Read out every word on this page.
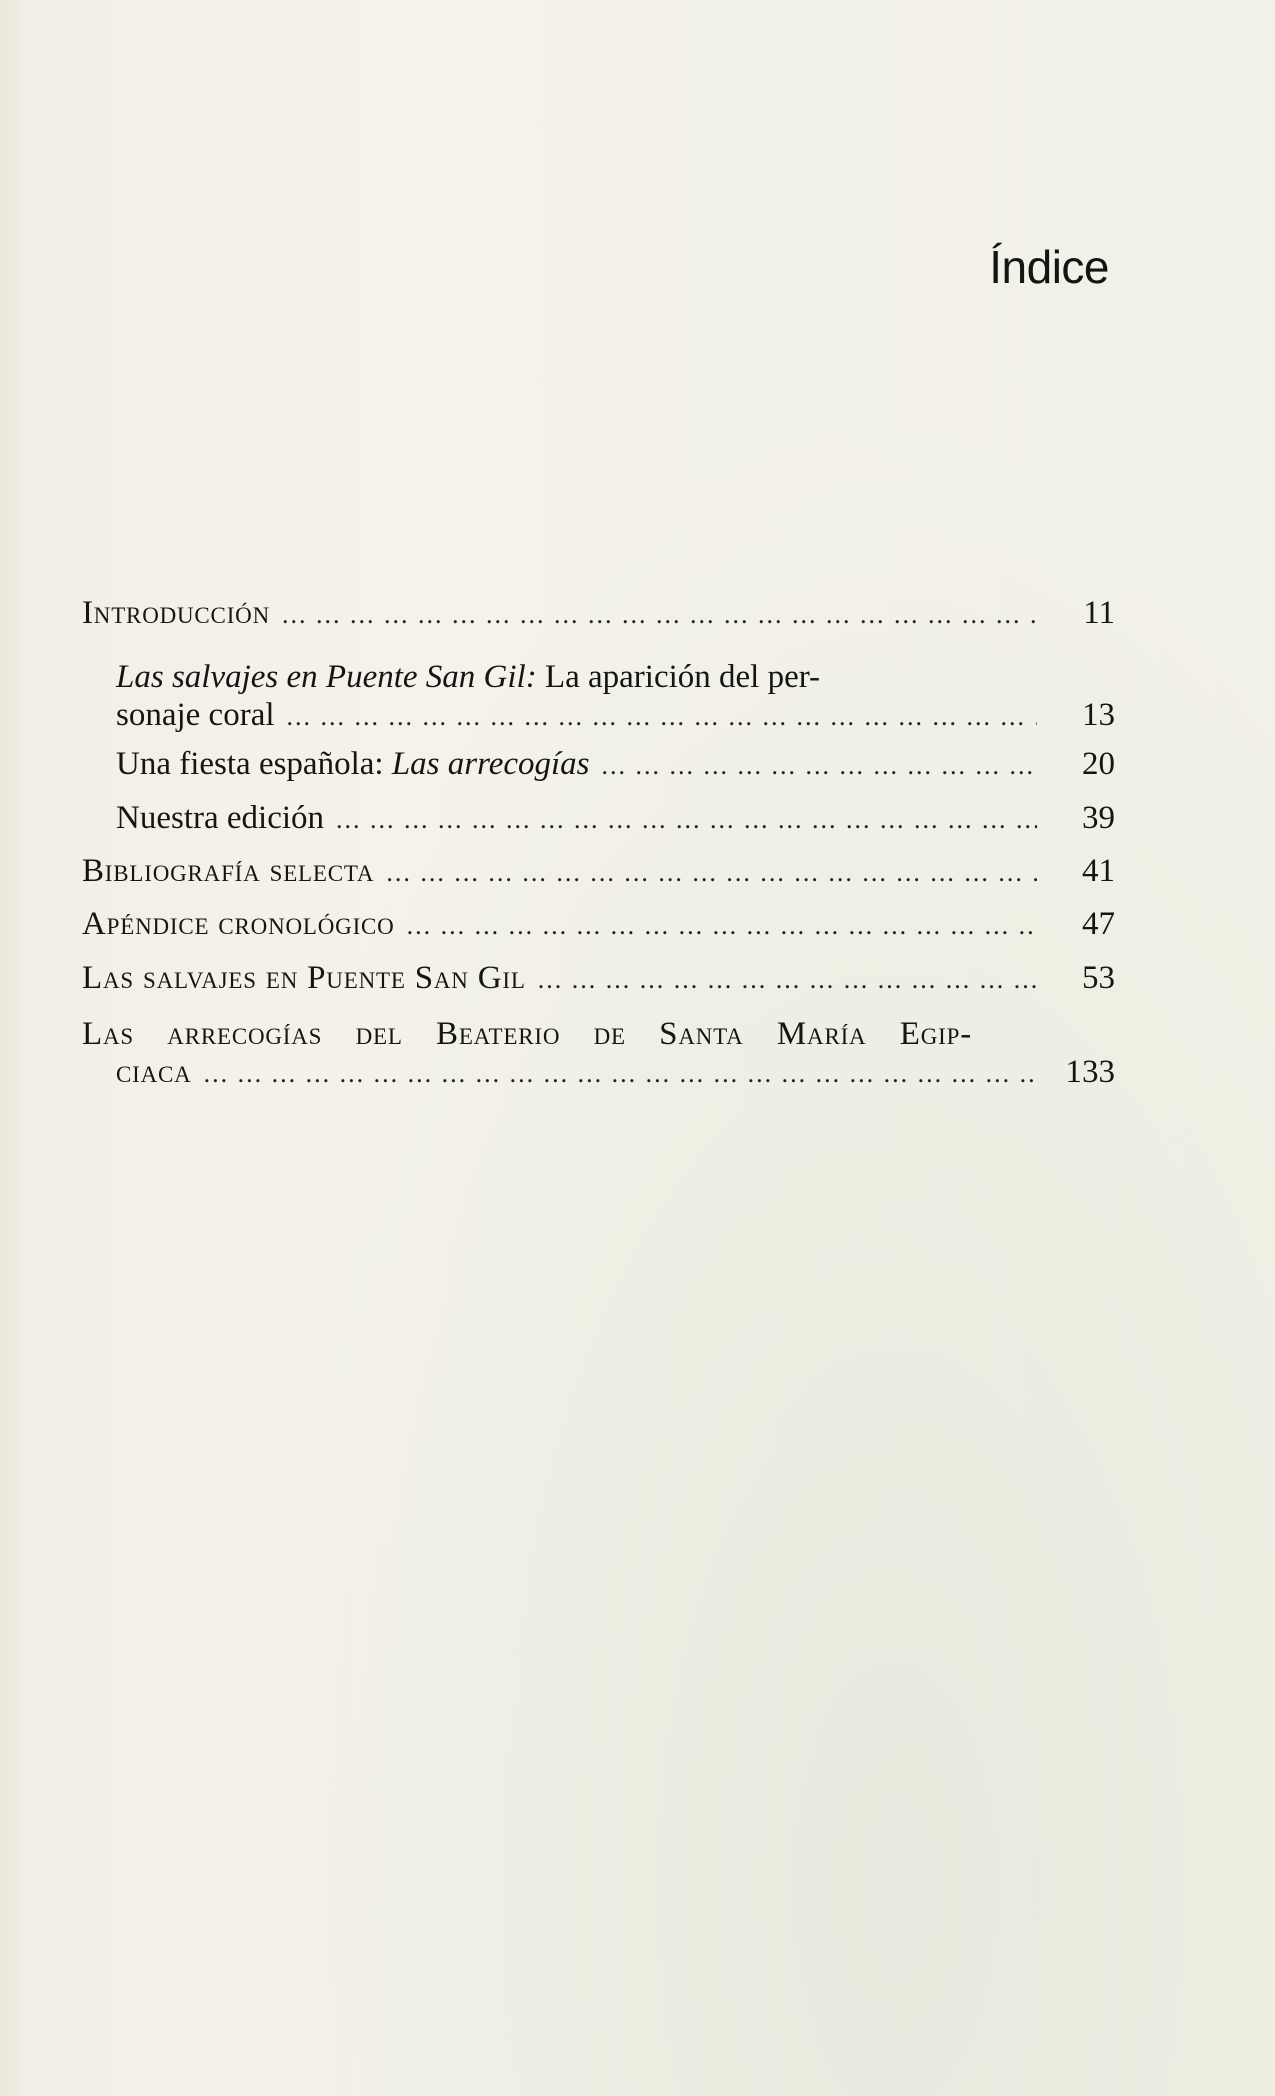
Índice
Introducción ... .	11
Las salvajes en Puente San Gil: La aparición del per-
sonaje coral ... .	13
Una fiesta española: Las arrecogías ... .	20
Nuestra edición ... .	39
Bibliografía selecta ... .	41
Apéndice cronológico ... .	47
Las salvajes en Puente San Gil ... .	53
Las arrecogías del Beaterio de Santa María Egip-
ciaca ... .	133
